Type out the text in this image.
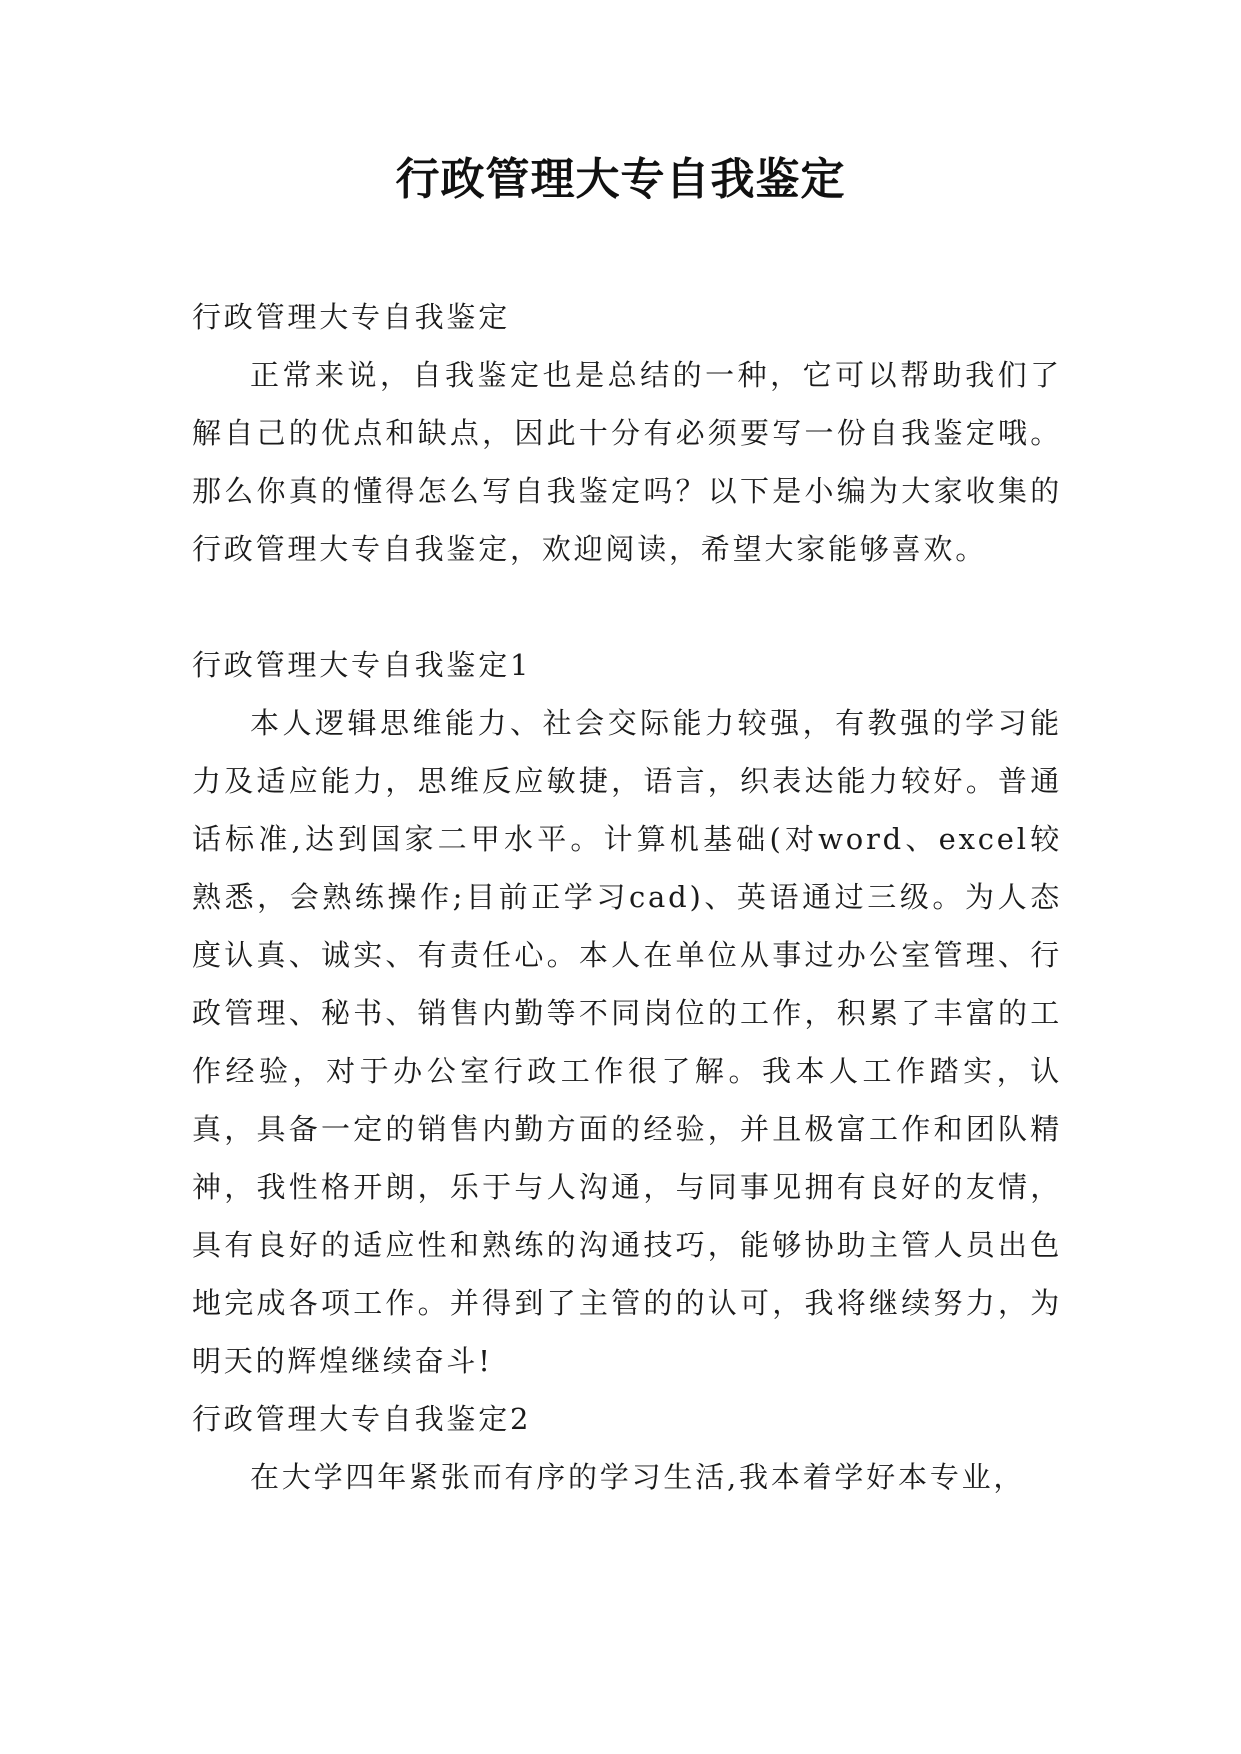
行政管理大专自我鉴定

行政管理大专自我鉴定

正常来说，自我鉴定也是总结的一种，它可以帮助我们了解自己的优点和缺点，因此十分有必须要写一份自我鉴定哦。那么你真的懂得怎么写自我鉴定吗？以下是小编为大家收集的行政管理大专自我鉴定，欢迎阅读，希望大家能够喜欢。

行政管理大专自我鉴定1

本人逻辑思维能力、社会交际能力较强，有教强的学习能力及适应能力，思维反应敏捷，语言，织表达能力较好。普通话标准,达到国家二甲水平。计算机基础(对word、excel较熟悉，会熟练操作;目前正学习cad)、英语通过三级。为人态度认真、诚实、有责任心。本人在单位从事过办公室管理、行政管理、秘书、销售内勤等不同岗位的工作，积累了丰富的工作经验，对于办公室行政工作很了解。我本人工作踏实，认真，具备一定的销售内勤方面的经验，并且极富工作和团队精神，我性格开朗，乐于与人沟通，与同事见拥有良好的友情，具有良好的适应性和熟练的沟通技巧，能够协助主管人员出色地完成各项工作。并得到了主管的的认可，我将继续努力，为明天的辉煌继续奋斗!

行政管理大专自我鉴定2

在大学四年紧张而有序的学习生活,我本着学好本专业，
